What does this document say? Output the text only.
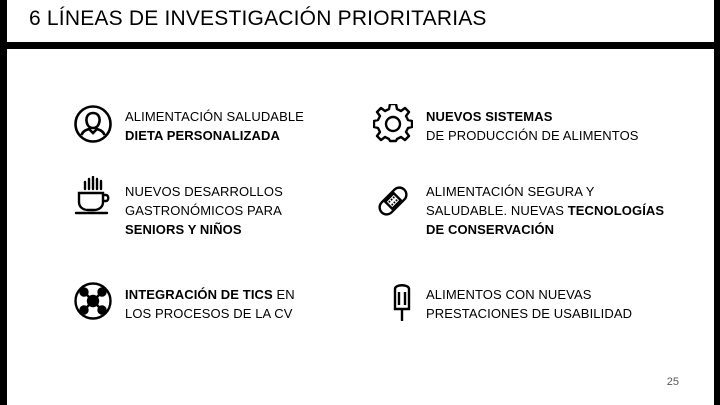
6 LÍNEAS DE INVESTIGACIÓN PRIORITARIAS
ALIMENTACIÓN SALUDABLE
DIETA PERSONALIZADA
NUEVOS SISTEMAS
DE PRODUCCIÓN DE ALIMENTOS
NUEVOS DESARROLLOS
GASTRONÓMICOS PARA
SENIORS Y NIÑOS
ALIMENTACIÓN SEGURA Y
SALUDABLE. NUEVAS TECNOLOGÍAS
DE CONSERVACIÓN
INTEGRACIÓN DE TICS EN
LOS PROCESOS DE LA CV
ALIMENTOS CON NUEVAS
PRESTACIONES DE USABILIDAD
25
